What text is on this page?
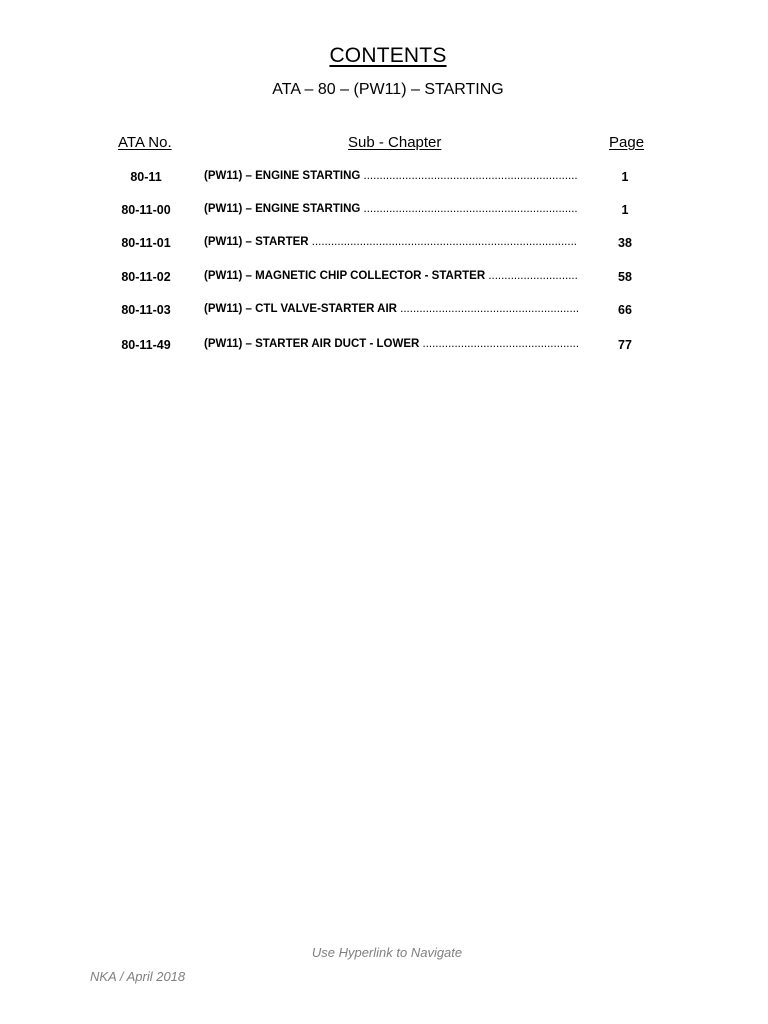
CONTENTS
ATA – 80 – (PW11) – STARTING
ATA No.	Sub - Chapter	Page
80-11	(PW11) – ENGINE STARTING .....	1
80-11-00	(PW11) – ENGINE STARTING .....	1
80-11-01	(PW11) – STARTER .....	38
80-11-02	(PW11) – MAGNETIC CHIP COLLECTOR - STARTER .....	58
80-11-03	(PW11) – CTL VALVE-STARTER AIR .....	66
80-11-49	(PW11) – STARTER AIR DUCT - LOWER .....	77
Use Hyperlink to Navigate
NKA / April 2018
